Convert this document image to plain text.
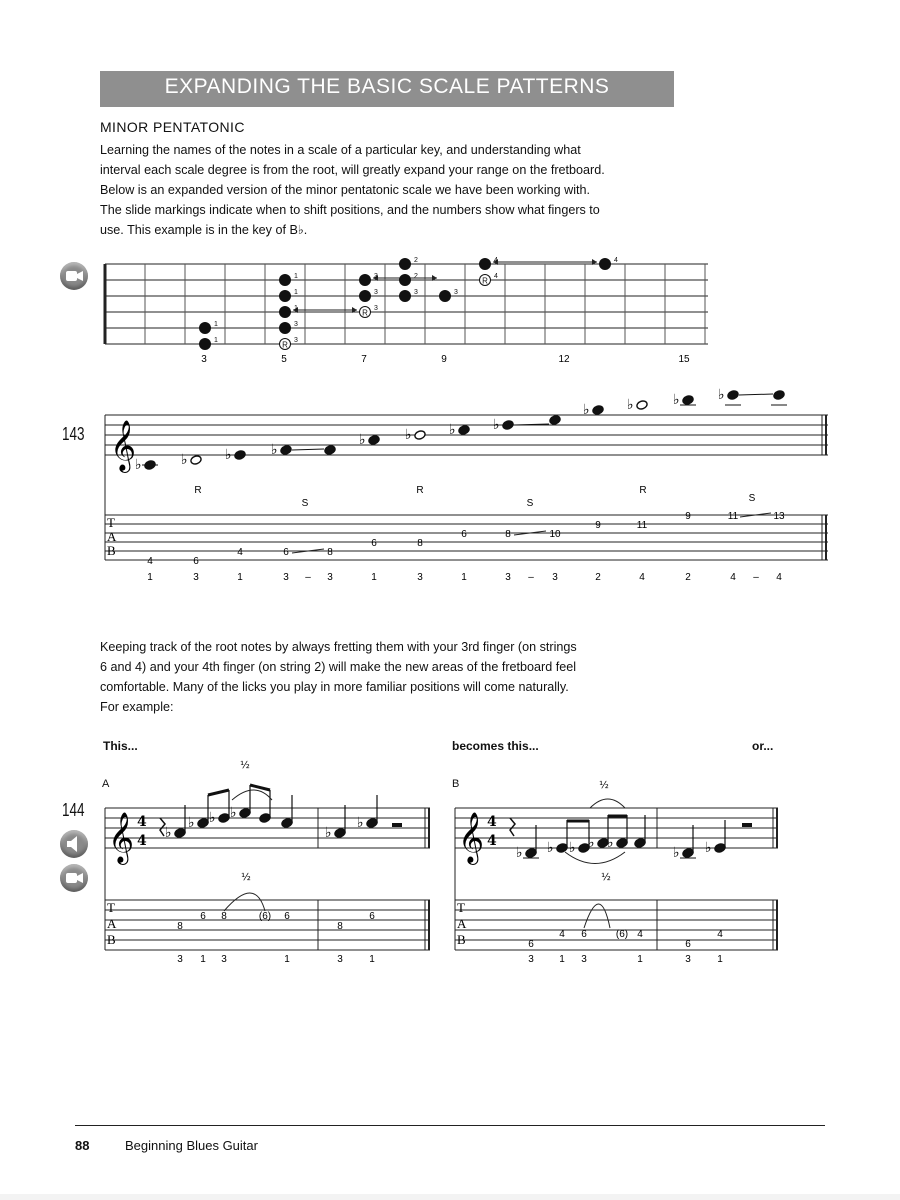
EXPANDING THE BASIC SCALE PATTERNS
MINOR PENTATONIC

Learning the names of the notes in a scale of a particular key, and understanding what

interval each scale degree is from the root, will greatly expand your range on the fretboard.

Below is an expanded version of the minor pentatonic scale we have been working with.

The slide markings indicate when to shift positions, and the numbers show what fingers to

use. This example is in the key of B♭.

1
1
R 3
3
1
1
1
R 3
3
3
3
2
2
3
4
R 4
4
3	5	7	9	12	15
𝄞
♭	♭	♭	♭
♭	♭	♭	♭
♭	♭	♭	♭
R
S
R
S
R
S
T
A
B
4	6
4	6	8
6	8
6	8	10
9	11
9	11	13
1	3	1	3 – 3	1	3	1	3 – 3	2	4	2	4 – 4
𝄞 4
4 ♭
♭ ♭ ♭
♭
♭
T
A
B
8
6 8	(6) 6
8
6
3 1 3	1	3	1
½
½
𝄞 4
4
♭ ♭ ♭ ♭ ♭
♭ ♭
T
A
B	6
4 6	(6) 4
6
4
3	1 3	1	3	1
½
½
143
144
This...	becomes this...	or...
A	B

Keeping track of the root notes by always fretting them with your 3rd finger (on strings

6 and 4) and your 4th finger (on string 2) will make the new areas of the fretboard feel

comfortable. Many of the licks you play in more familiar positions will come naturally.

For example:

88	Beginning Blues Guitar
